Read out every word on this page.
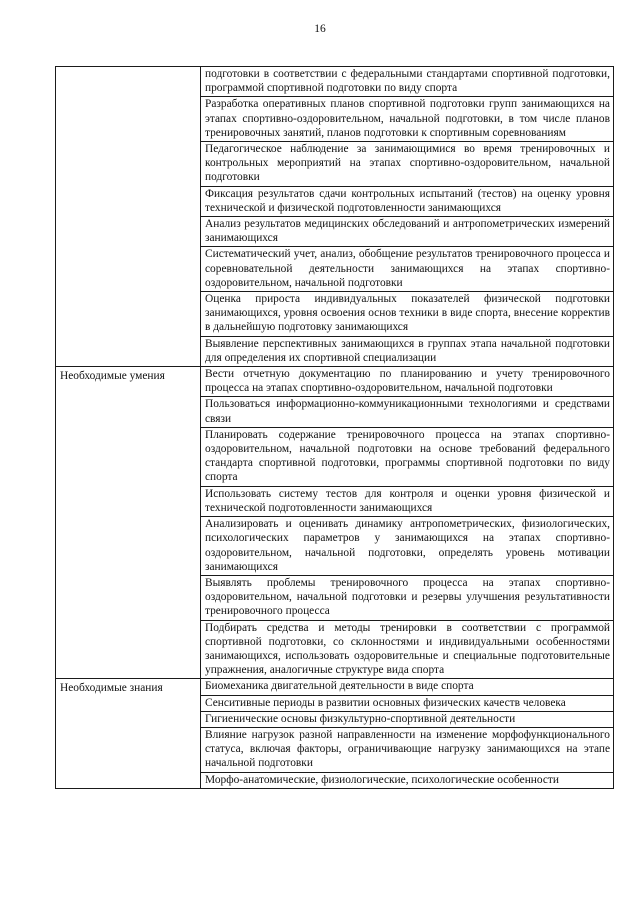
16
	подготовки в соответствии с федеральными стандартами спортивной подготовки, программой спортивной подготовки по виду спорта
	Разработка оперативных планов спортивной подготовки групп занимающихся на этапах спортивно-оздоровительном, начальной подготовки, в том числе планов тренировочных занятий, планов подготовки к спортивным соревнованиям
	Педагогическое наблюдение за занимающимися во время тренировочных и контрольных мероприятий на этапах спортивно-оздоровительном, начальной подготовки
	Фиксация результатов сдачи контрольных испытаний (тестов) на оценку уровня технической и физической подготовленности занимающихся
	Анализ результатов медицинских обследований и антропометрических измерений занимающихся
	Систематический учет, анализ, обобщение результатов тренировочного процесса и соревновательной деятельности занимающихся на этапах спортивно-оздоровительном, начальной подготовки
	Оценка прироста индивидуальных показателей физической подготовки занимающихся, уровня освоения основ техники в виде спорта, внесение корректив в дальнейшую подготовку занимающихся
	Выявление перспективных занимающихся в группах этапа начальной подготовки для определения их спортивной специализации
Необходимые умения	Вести отчетную документацию по планированию и учету тренировочного процесса на этапах спортивно-оздоровительном, начальной подготовки
	Пользоваться информационно-коммуникационными технологиями и средствами связи
	Планировать содержание тренировочного процесса на этапах спортивно-оздоровительном, начальной подготовки на основе требований федерального стандарта спортивной подготовки, программы спортивной подготовки по виду спорта
	Использовать систему тестов для контроля и оценки уровня физической и технической подготовленности занимающихся
	Анализировать и оценивать динамику антропометрических, физиологических, психологических параметров у занимающихся на этапах спортивно-оздоровительном, начальной подготовки, определять уровень мотивации занимающихся
	Выявлять проблемы тренировочного процесса на этапах спортивно-оздоровительном, начальной подготовки и резервы улучшения результативности тренировочного процесса
	Подбирать средства и методы тренировки в соответствии с программой спортивной подготовки, со склонностями и индивидуальными особенностями занимающихся, использовать оздоровительные и специальные подготовительные упражнения, аналогичные структуре вида спорта
Необходимые знания	Биомеханика двигательной деятельности в виде спорта
	Сенситивные периоды в развитии основных физических качеств человека
	Гигиенические основы физкультурно-спортивной деятельности
	Влияние нагрузок разной направленности на изменение морфофункционального статуса, включая факторы, ограничивающие нагрузку занимающихся на этапе начальной подготовки
	Морфо-анатомические, физиологические, психологические особенности
